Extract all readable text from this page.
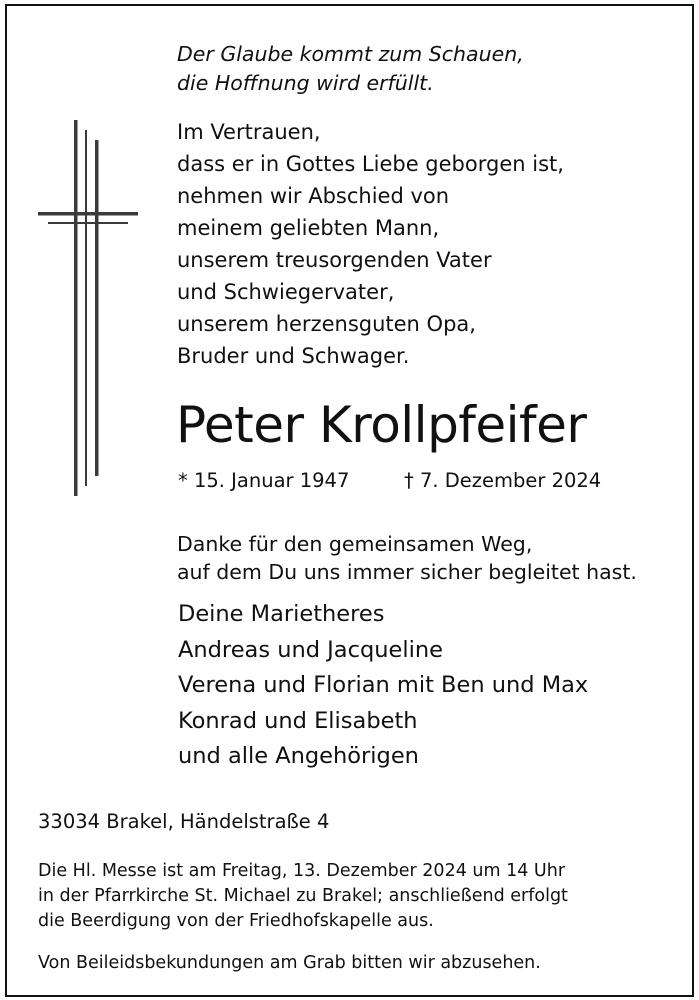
Der Glaube kommt zum Schauen,
die Hoffnung wird erfüllt.
Im Vertrauen,
dass er in Gottes Liebe geborgen ist,
nehmen wir Abschied von
meinem geliebten Mann,
unserem treusorgenden Vater
und Schwiegervater,
unserem herzensguten Opa,
Bruder und Schwager.
Peter Krollpfeifer
* 15. Januar 1947	† 7. Dezember 2024
Danke für den gemeinsamen Weg,
auf dem Du uns immer sicher begleitet hast.
Deine Marietheres
Andreas und Jacqueline
Verena und Florian mit Ben und Max
Konrad und Elisabeth
und alle Angehörigen
33034 Brakel, Händelstraße 4
Die Hl. Messe ist am Freitag, 13. Dezember 2024 um 14 Uhr
in der Pfarrkirche St. Michael zu Brakel; anschließend erfolgt
die Beerdigung von der Friedhofskapelle aus.
Von Beileidsbekundungen am Grab bitten wir abzusehen.
